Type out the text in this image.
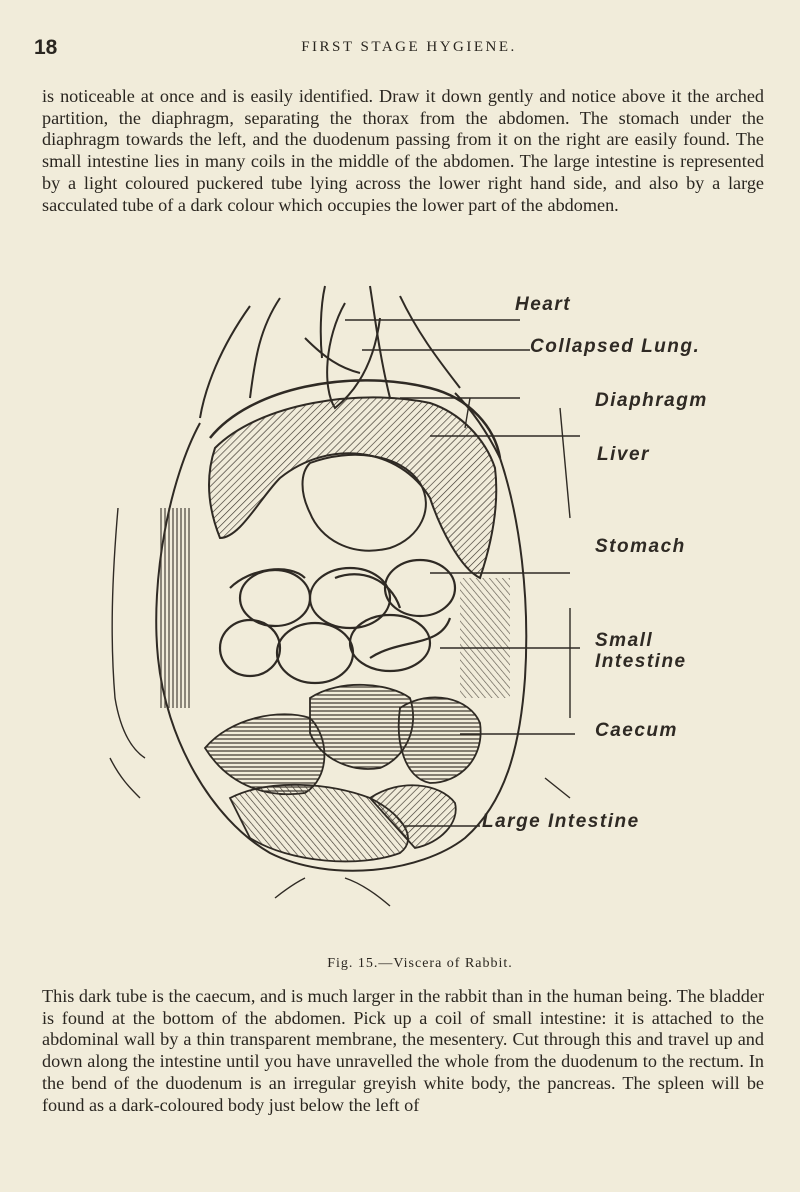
18	FIRST STAGE HYGIENE.

is noticeable at once and is easily identified. Draw it down gently and notice above it the arched partition, the diaphragm, separating the thorax from the abdomen. The stomach under the diaphragm towards the left, and the duodenum passing from it on the right are easily found. The small intestine lies in many coils in the middle of the abdomen. The large intestine is represented by a light coloured puckered tube lying across the lower right hand side, and also by a large sacculated tube of a dark colour which occupies the lower part of the abdomen.

Heart
Collapsed Lung.
Diaphragm
Liver
Stomach
Small
Intestine
Caecum
Large Intestine
Fig. 15.—Viscera of Rabbit.

This dark tube is the caecum, and is much larger in the rabbit than in the human being. The bladder is found at the bottom of the abdomen. Pick up a coil of small intestine: it is attached to the abdominal wall by a thin transparent membrane, the mesentery. Cut through this and travel up and down along the intestine until you have unravelled the whole from the duodenum to the rectum. In the bend of the duodenum is an irregular greyish white body, the pancreas. The spleen will be found as a dark-coloured body just below the left of
